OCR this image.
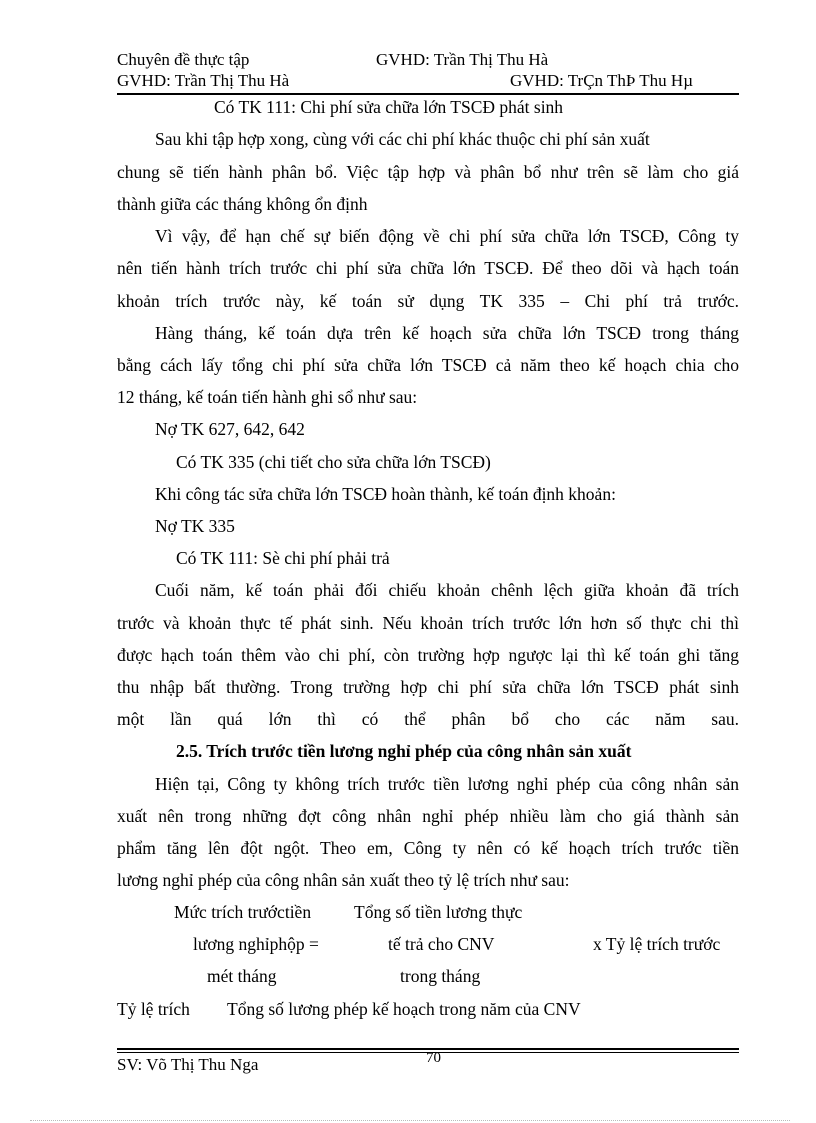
Chuyên đề thực tập	GVHD: Trần Thị Thu Hà
GVHD: Trần Thị Thu Hà	GVHD: TrÇn ThÞ Thu Hµ
Có TK 111: Chi phí sửa chữa lớn TSCĐ phát sinh
Sau khi tập hợp xong, cùng với các chi phí khác thuộc chi phí sản xuất
chung sẽ tiến hành phân bổ. Việc tập hợp và phân bổ như trên sẽ làm cho giá
thành giữa các tháng không ổn định
Vì vậy, để hạn chế sự biến động về chi phí sửa chữa lớn TSCĐ, Công ty
nên tiến hành trích trước chi phí sửa chữa lớn TSCĐ. Để theo dõi và hạch toán
khoản trích trước này, kế toán sử dụng TK 335 – Chi phí trả trước.
Hàng tháng, kế toán dựa trên kế hoạch sửa chữa lớn TSCĐ trong tháng
bằng cách lấy tổng chi phí sửa chữa lớn TSCĐ cả năm theo kế hoạch chia cho
12 tháng, kế toán tiến hành ghi sổ như sau:
Nợ TK 627, 642, 642
Có TK 335 (chi tiết cho sửa chữa lớn TSCĐ)
Khi công tác sửa chữa lớn TSCĐ hoàn thành, kế toán định khoản:
Nợ TK 335
Có TK 111: Sè chi phí phải trả
Cuối năm, kế toán phải đối chiếu khoản chênh lệch giữa khoản đã trích
trước và khoản thực tế phát sinh. Nếu khoản trích trước lớn hơn số thực chi thì
được hạch toán thêm vào chi phí, còn trường hợp ngược lại thì kế toán ghi tăng
thu nhập bất thường. Trong trường hợp chi phí sửa chữa lớn TSCĐ phát sinh
một lần quá lớn thì có thể phân bổ cho các năm sau.
2.5. Trích trước tiền lương nghỉ phép của công nhân sản xuất
Hiện tại, Công ty không trích trước tiền lương nghỉ phép của công nhân sản
xuất nên trong những đợt công nhân nghỉ phép nhiều làm cho giá thành sản
phẩm tăng lên đột ngột. Theo em, Công ty nên có kế hoạch trích trước tiền
lương nghỉ phép của công nhân sản xuất theo tỷ lệ trích như sau:
Mức trích trướctiền Tổng số tiền lương thực
lương nghỉphộp =	tế trả cho CNV	x Tỷ lệ trích trước
mét tháng	trong tháng
Tỷ lệ trích Tổng số lương phép kế hoạch trong năm của CNV
SV: Võ Thị Thu Nga	70
